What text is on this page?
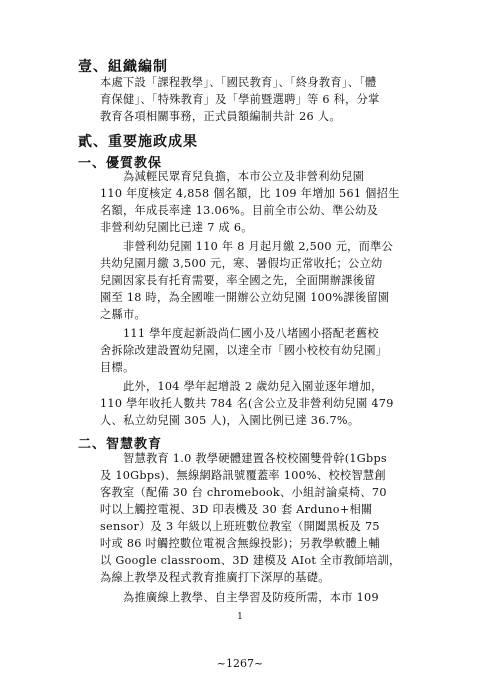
壹、組織編制
本處下設「課程教學」、「國民教育」、「終身教育」、「體
育保健」、「特殊教育」及「學前暨選聘」等 6 科，分掌
教育各項相關事務，正式員額編制共計 26 人。
貳、重要施政成果
一、優質教保
為減輕民眾育兒負擔，本市公立及非營利幼兒園
110 年度核定 4,858 個名額，比 109 年增加 561 個招生
名額，年成長率達 13.06%。目前全市公幼、準公幼及
非營利幼兒園比已達 7 成 6。
非營利幼兒園 110 年 8 月起月繳 2,500 元，而準公
共幼兒園月繳 3,500 元，寒、暑假均正常收托；公立幼
兒園因家長有托育需要，率全國之先，全面開辦課後留
園至 18 時，為全國唯一開辦公立幼兒園 100%課後留園
之縣市。
111 學年度起新設尚仁國小及八堵國小搭配老舊校
舍拆除改建設置幼兒園，以達全市「國小校校有幼兒園」
目標。
此外，104 學年起增設 2 歲幼兒入園並逐年增加，
110 學年收托人數共 784 名(含公立及非營利幼兒園 479
人、私立幼兒園 305 人)，入園比例已達 36.7%。
二、智慧教育
智慧教育 1.0 教學硬體建置各校校園雙骨幹(1Gbps
及 10Gbps)、無線網路訊號覆蓋率 100%、校校智慧創
客教室（配備 30 台 chromebook、小組討論桌椅、70
吋以上觸控電視、3D 印表機及 30 套 Arduno+相關
sensor）及 3 年級以上班班數位教室（開闔黑板及 75
吋或 86 吋觸控數位電視含無線投影)；另教學軟體上輔
以 Google classroom、3D 建模及 AIot 全市教師培訓，
為線上教學及程式教育推廣打下深厚的基礎。
1
~1267~
為推廣線上教學、自主學習及防疫所需，本市 109
